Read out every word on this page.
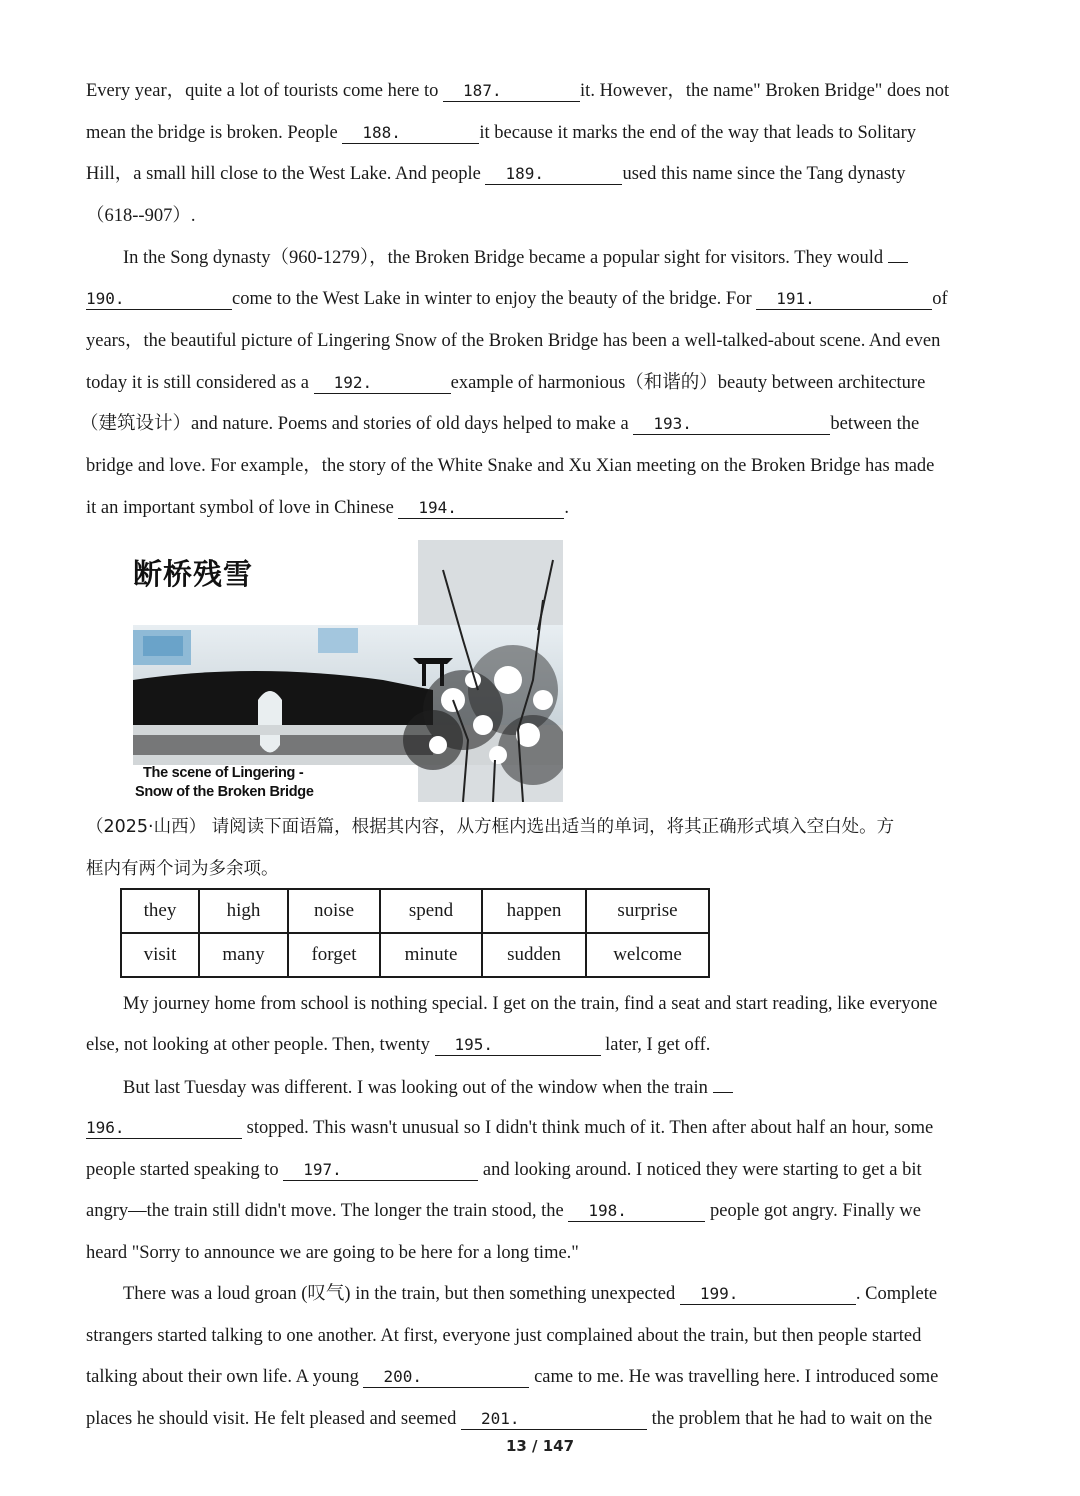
Every year，quite a lot of tourists come here to 187.	it. However，the name" Broken Bridge" does not
mean the bridge is broken. People 188.	it because it marks the end of the way that leads to Solitary
Hill，a small hill close to the West Lake. And people 189.	used this name since the Tang dynasty
（618--907）.
In the Song dynasty（960-1279），the Broken Bridge became a popular sight for visitors. They would
190.	come to the West Lake in winter to enjoy the beauty of the bridge. For 191.	of
years，the beautiful picture of Lingering Snow of the Broken Bridge has been a well-talked-about scene. And even
today it is still considered as a 192.	example of harmonious（和谐的）beauty between architecture
（建筑设计）and nature. Poems and stories of old days helped to make a 193.	between the
bridge and love. For example，the story of the White Snake and Xu Xian meeting on the Broken Bridge has made
it an important symbol of love in Chinese 194.	.
断桥残雪
The scene of Lingering -
Snow of the Broken Bridge
（2025·山西） 请阅读下面语篇，根据其内容，从方框内选出适当的单词，将其正确形式填入空白处。方
框内有两个词为多余项。
they	high	noise	spend	happen	surprise
visit	many	forget	minute	sudden	welcome
My journey home from school is nothing special. I get on the train, find a seat and start reading, like everyone
else, not looking at other people. Then, twenty 195.	later, I get off.
But last Tuesday was different. I was looking out of the window when the train
196.	stopped. This wasn't unusual so I didn't think much of it. Then after about half an hour, some
people started speaking to 197.	and looking around. I noticed they were starting to get a bit
angry—the train still didn't move. The longer the train stood, the 198.	people got angry. Finally we
heard "Sorry to announce we are going to be here for a long time."
There was a loud groan (叹气) in the train, but then something unexpected 199.	. Complete
strangers started talking to one another. At first, everyone just complained about the train, but then people started
talking about their own life. A young 200.	came to me. He was travelling here. I introduced some
places he should visit. He felt pleased and seemed 201.	the problem that he had to wait on the
13 / 147
